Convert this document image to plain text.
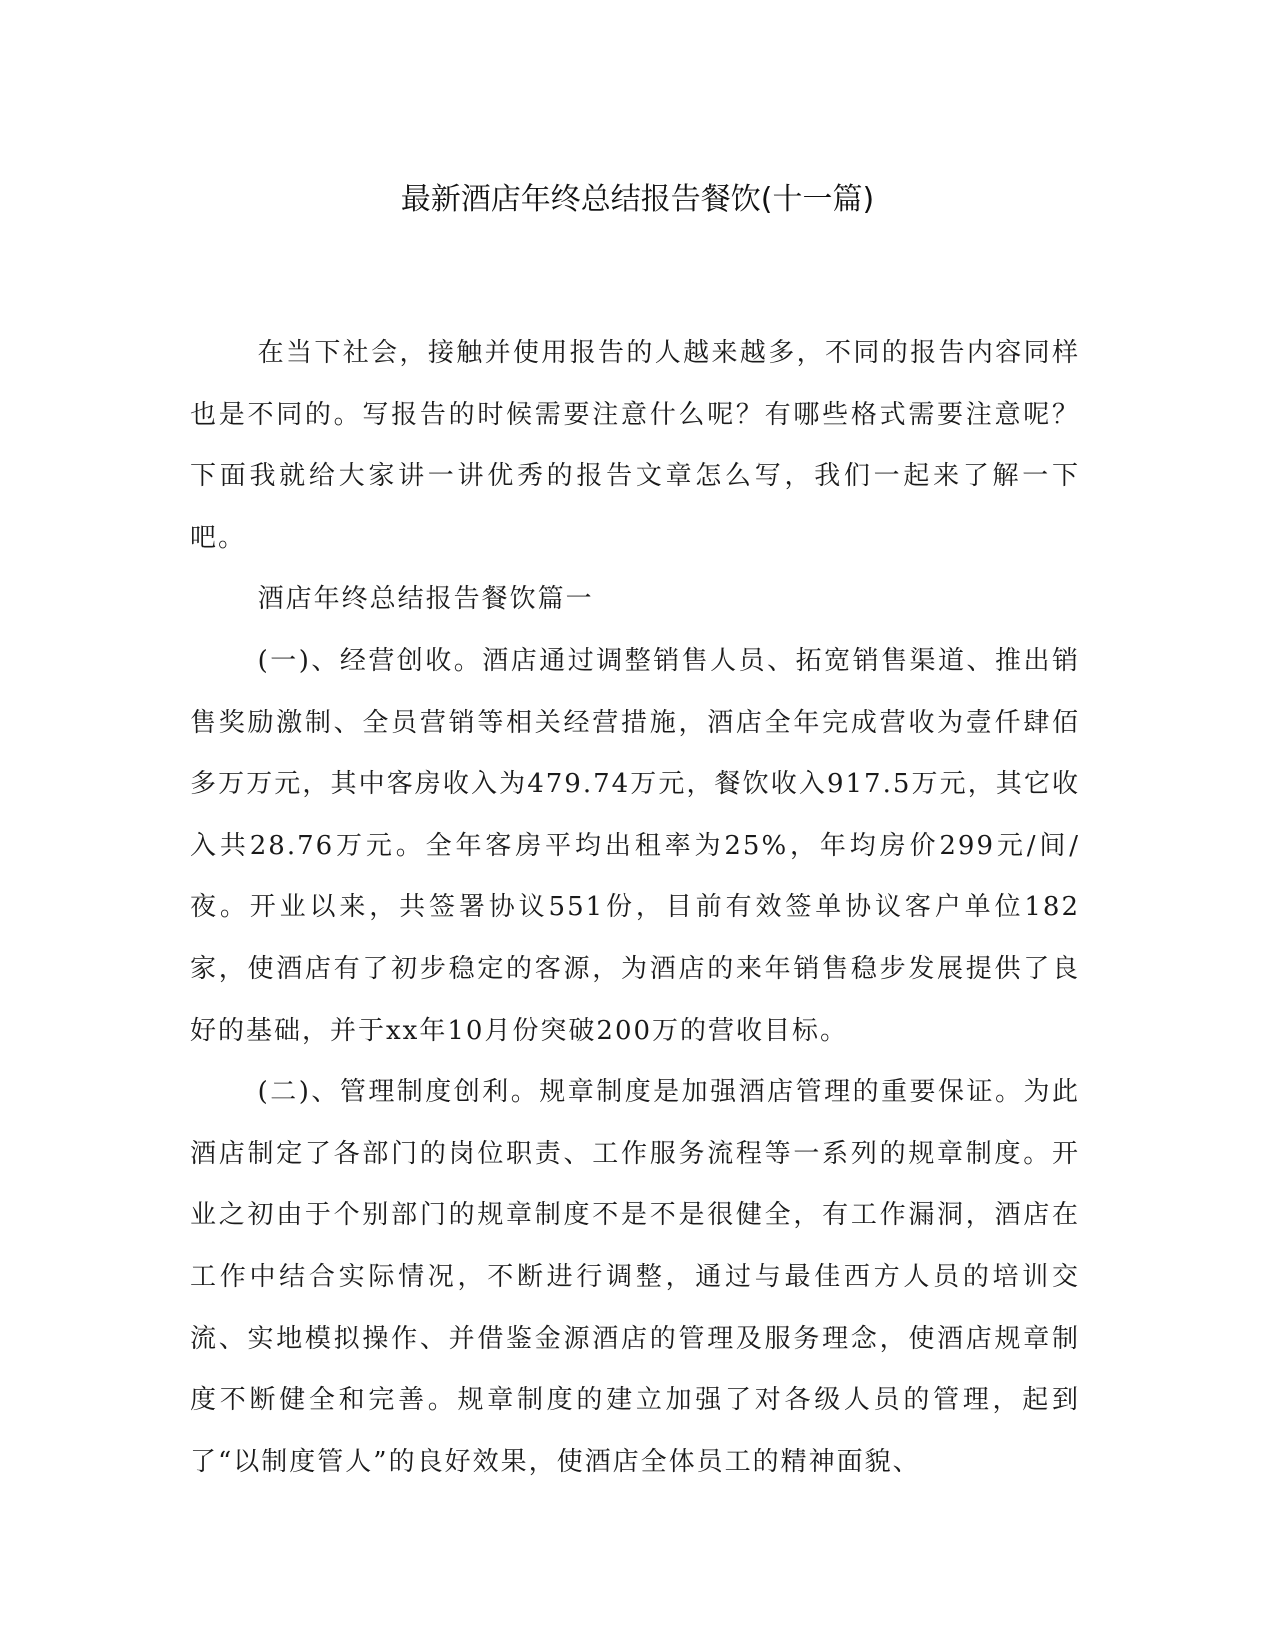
最新酒店年终总结报告餐饮(十一篇)

在当下社会，接触并使用报告的人越来越多，不同的报告内容同样也是不同的。写报告的时候需要注意什么呢？有哪些格式需要注意呢？下面我就给大家讲一讲优秀的报告文章怎么写，我们一起来了解一下吧。

酒店年终总结报告餐饮篇一

(一)、经营创收。酒店通过调整销售人员、拓宽销售渠道、推出销售奖励激制、全员营销等相关经营措施，酒店全年完成营收为壹仟肆佰多万万元，其中客房收入为479.74万元，餐饮收入917.5万元，其它收入共28.76万元。全年客房平均出租率为25%，年均房价299元/间/夜。开业以来，共签署协议551份，目前有效签单协议客户单位182家，使酒店有了初步稳定的客源，为酒店的来年销售稳步发展提供了良好的基础，并于xx年10月份突破200万的营收目标。

(二)、管理制度创利。规章制度是加强酒店管理的重要保证。为此酒店制定了各部门的岗位职责、工作服务流程等一系列的规章制度。开业之初由于个别部门的规章制度不是不是很健全，有工作漏洞，酒店在工作中结合实际情况，不断进行调整，通过与最佳西方人员的培训交流、实地模拟操作、并借鉴金源酒店的管理及服务理念，使酒店规章制度不断健全和完善。规章制度的建立加强了对各级人员的管理，起到了“以制度管人”的良好效果，使酒店全体员工的精神面貌、
